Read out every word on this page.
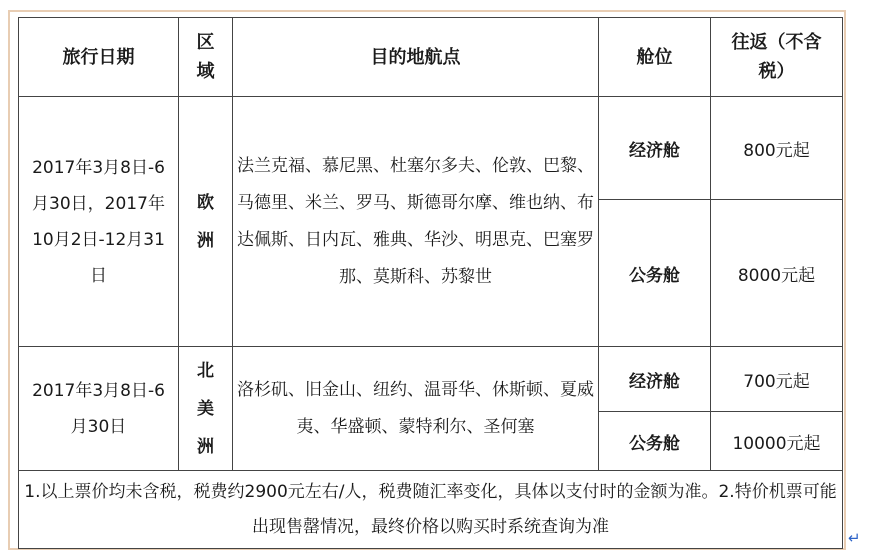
旅行日期	区域	目的地航点	舱位	往返（不含税）
2017年3月8日-6月30日，2017年10月2日-12月31日	欧洲	法兰克福、慕尼黑、杜塞尔多夫、伦敦、巴黎、马德里、米兰、罗马、斯德哥尔摩、维也纳、布达佩斯、日内瓦、雅典、华沙、明思克、巴塞罗那、莫斯科、苏黎世	经济舱	800元起
			公务舱	8000元起
2017年3月8日-6月30日	北美洲	洛杉矶、旧金山、纽约、温哥华、休斯顿、夏威夷、华盛顿、蒙特利尔、圣何塞	经济舱	700元起
			公务舱	10000元起
1.以上票价均未含税，税费约2900元左右/人，税费随汇率变化，具体以支付时的金额为准。2.特价机票可能出现售罄情况，最终价格以购买时系统查询为准				
↵
